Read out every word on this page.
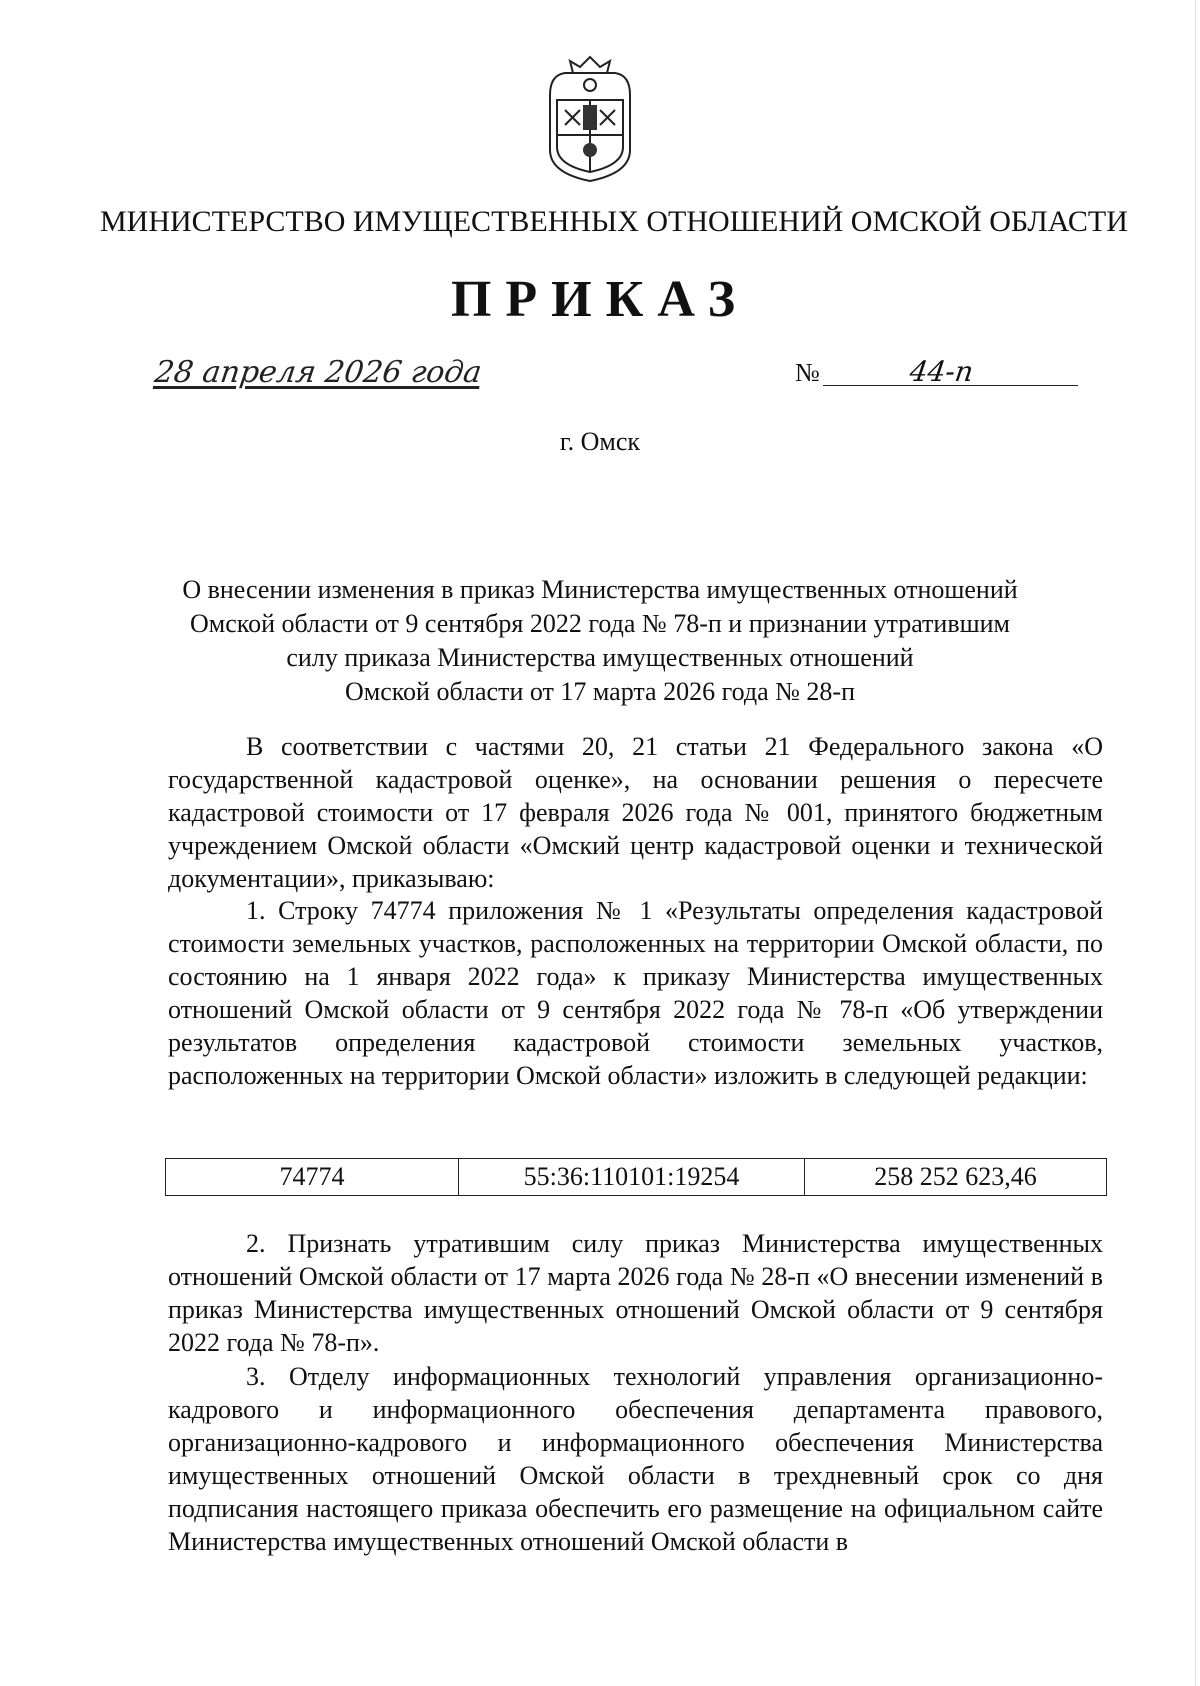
МИНИСТЕРСТВО ИМУЩЕСТВЕННЫХ ОТНОШЕНИЙ ОМСКОЙ ОБЛАСТИ
ПРИКАЗ
28 апреля 2026 года	№	44-п
г. Омск
О внесении изменения в приказ Министерства имущественных отношений
Омской области от 9 сентября 2022 года № 78-п и признании утратившим
силу приказа Министерства имущественных отношений
Омской области от 17 марта 2026 года № 28-п

В соответствии с частями 20, 21 статьи 21 Федерального закона «О государственной кадастровой оценке», на основании решения о пересчете кадастровой стоимости от 17 февраля 2026 года № 001, принятого бюджетным учреждением Омской области «Омский центр кадастровой оценки и технической документации», приказываю:

1. Строку 74774 приложения № 1 «Результаты определения кадастровой стоимости земельных участков, расположенных на территории Омской области, по состоянию на 1 января 2022 года» к приказу Министерства имущественных отношений Омской области от 9 сентября 2022 года № 78-п «Об утверждении результатов определения кадастровой стоимости земельных участков, расположенных на территории Омской области» изложить в следующей редакции:

74774	55:36:110101:19254	258 252 623,46

2. Признать утратившим силу приказ Министерства имущественных отношений Омской области от 17 марта 2026 года № 28-п «О внесении изменений в приказ Министерства имущественных отношений Омской области от 9 сентября 2022 года № 78-п».

3. Отделу информационных технологий управления организационно-кадрового и информационного обеспечения департамента правового, организационно-кадрового и информационного обеспечения Министерства имущественных отношений Омской области в трехдневный срок со дня подписания настоящего приказа обеспечить его размещение на официальном сайте Министерства имущественных отношений Омской области в
